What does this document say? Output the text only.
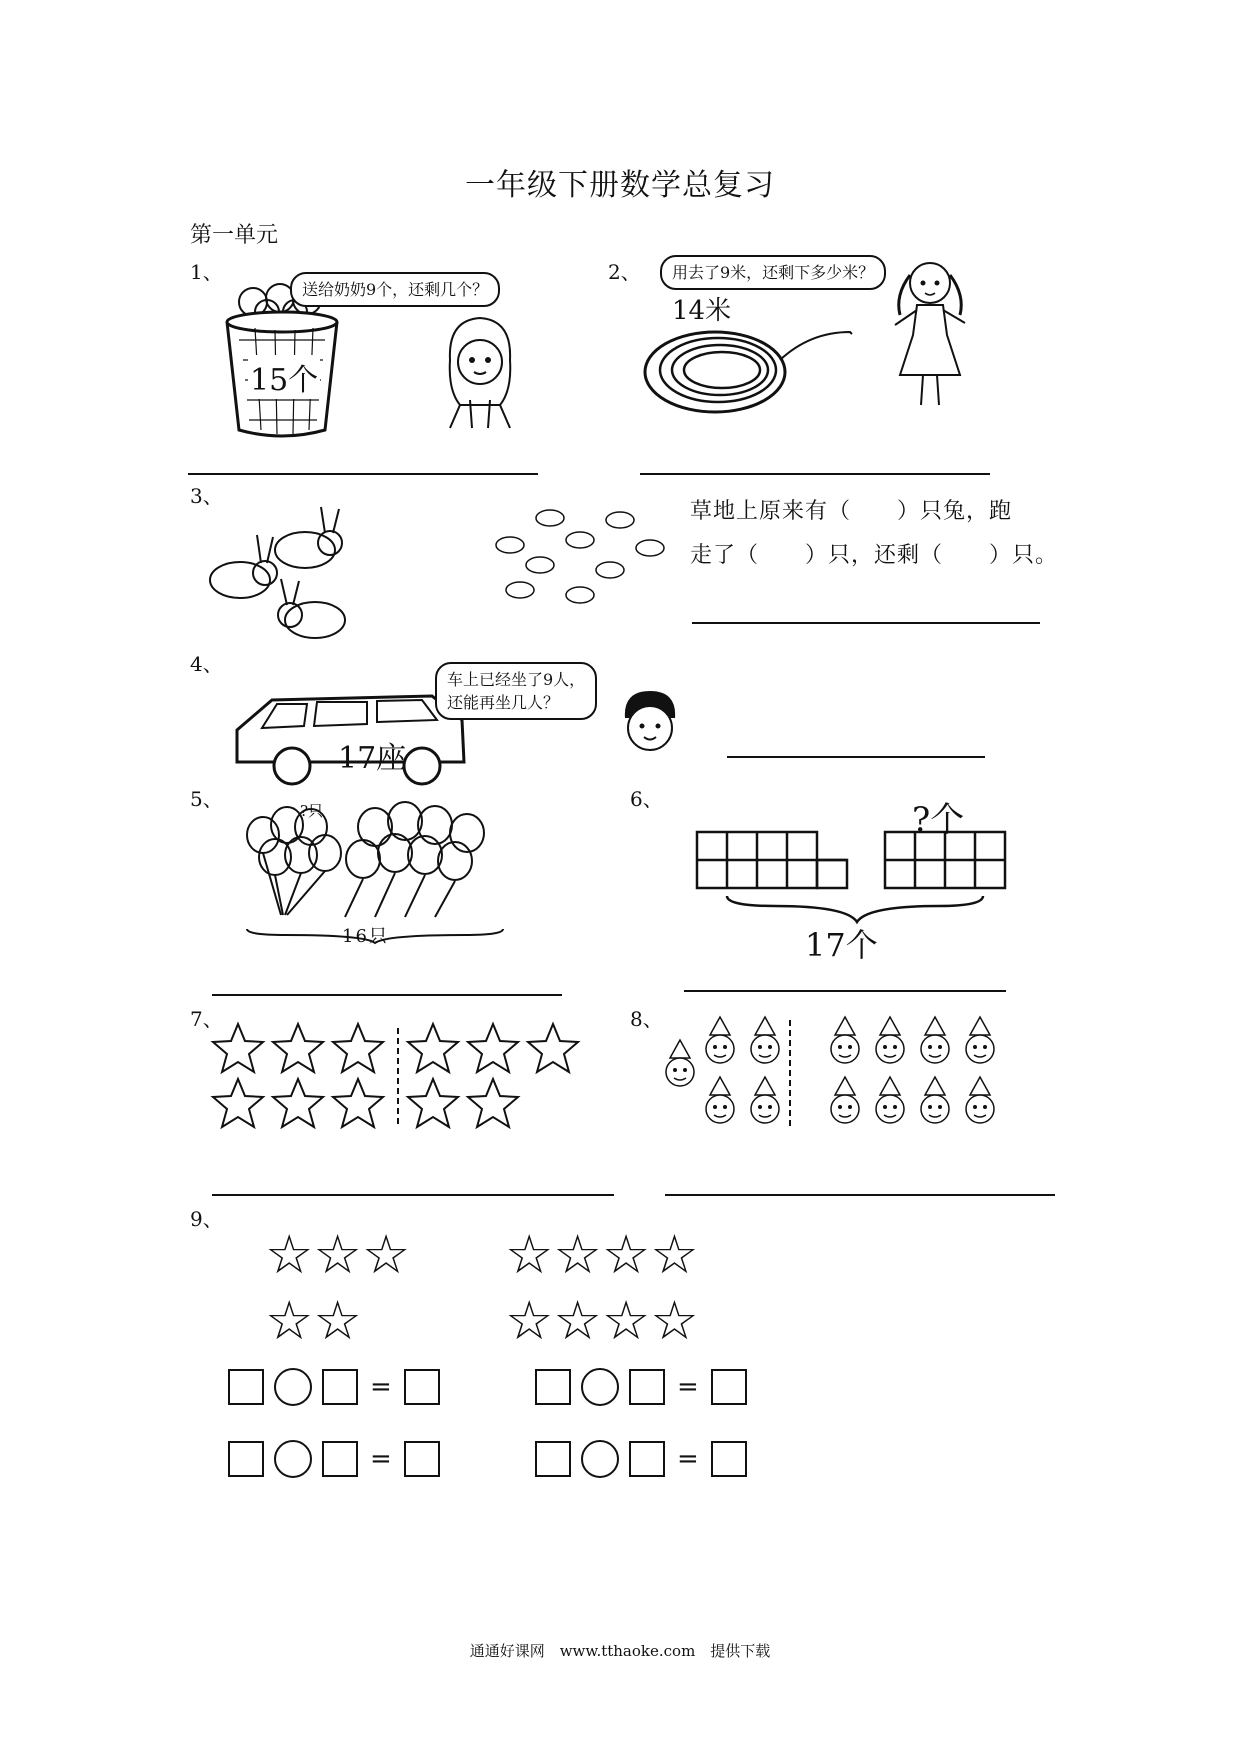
一年级下册数学总复习
第一单元
1、
15个
送给奶奶9个，还剩几个？
2、	用去了9米，还剩下多少米？
14米
3、
草地上原来有（　　）只兔，跑
走了（　　）只，还剩（　　）只。
4、
17座
车上已经坐了9人，
还能再坐几人？
5、	?只
16只
6、
?个
17个
7、	8、
9、
☆☆☆
☆☆
☆☆☆☆
☆☆☆☆
=	=
=	=
通通好课网　www.tthaoke.com　提供下载
